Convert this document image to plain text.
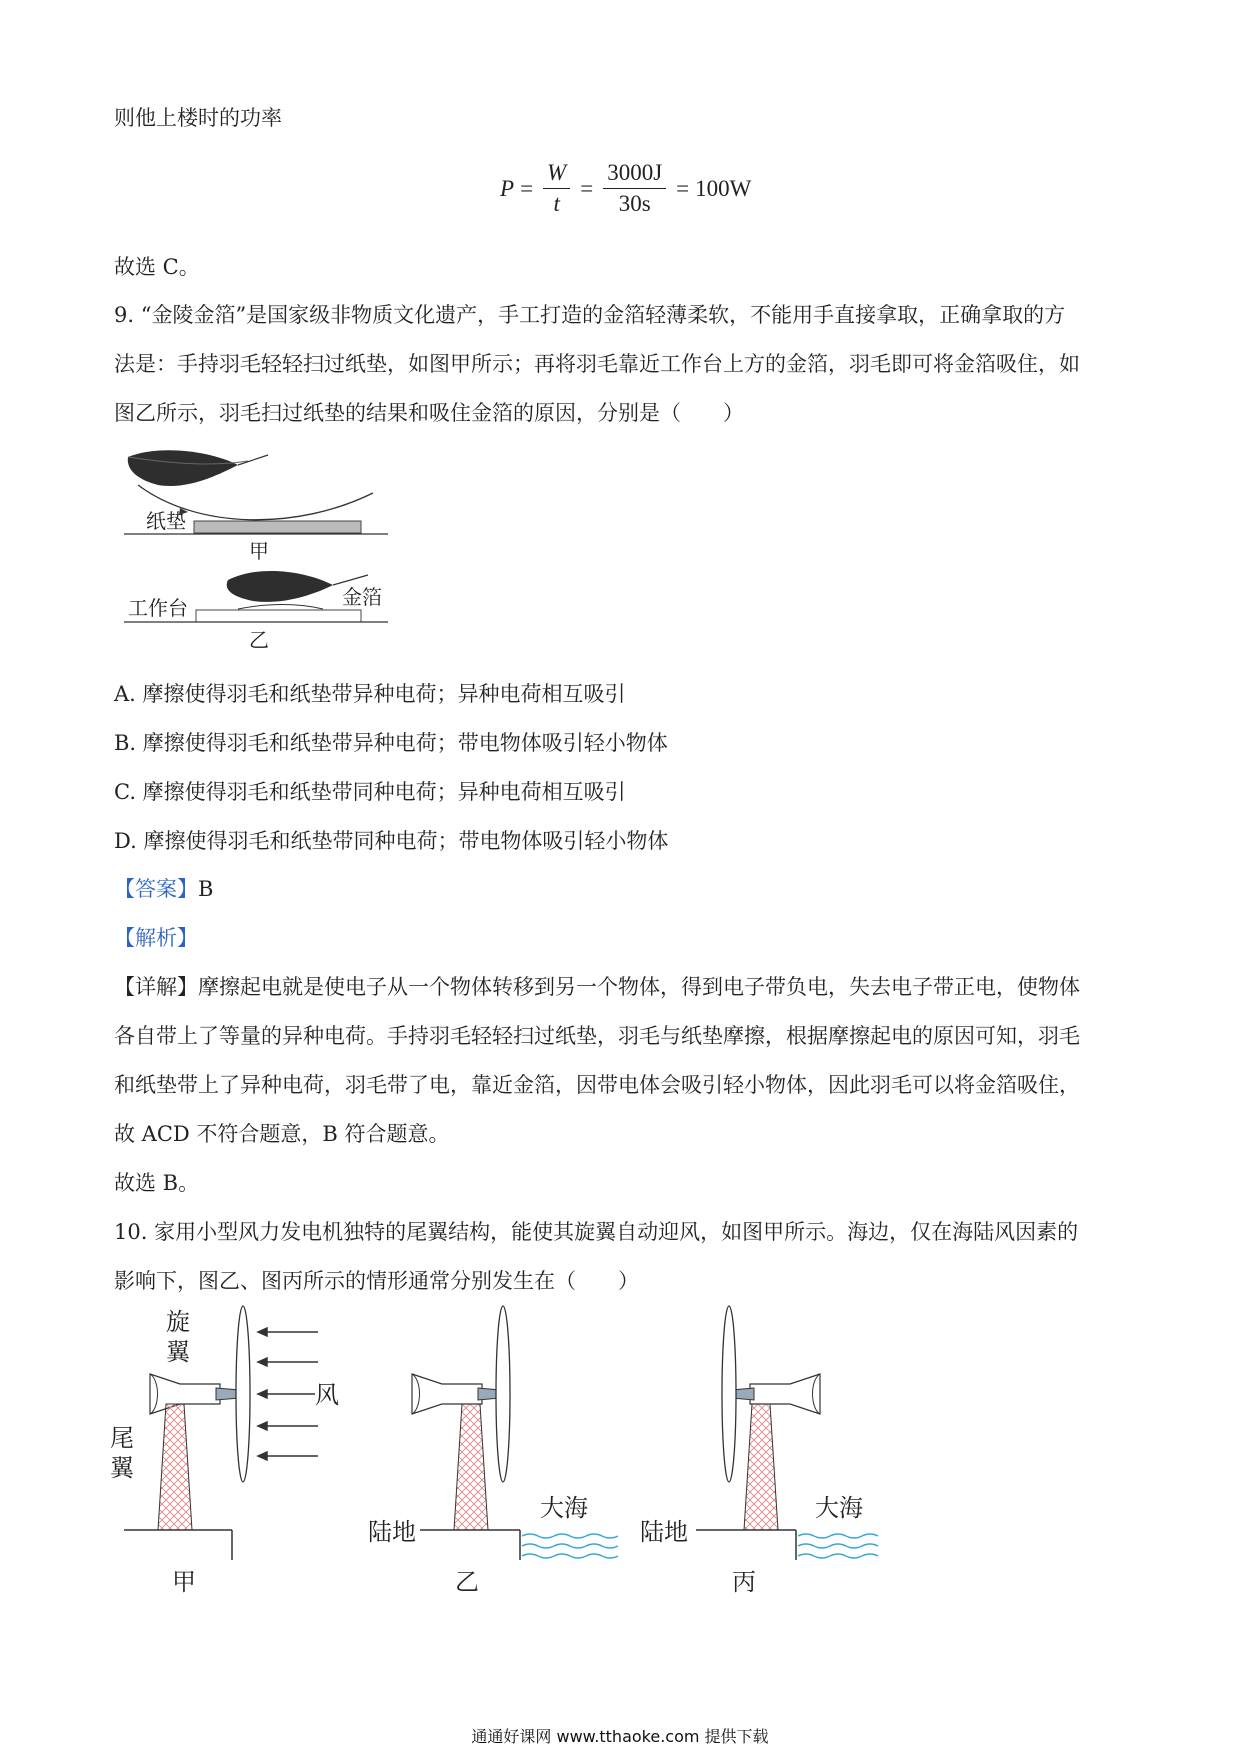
则他上楼时的功率
$P = \frac{W}{t} = \frac{3000J}{30s} = 100W$
故选 C。
9. “金陵金箔”是国家级非物质文化遗产，手工打造的金箔轻薄柔软，不能用手直接拿取，正确拿取的方
法是：手持羽毛轻轻扫过纸垫，如图甲所示；再将羽毛靠近工作台上方的金箔，羽毛即可将金箔吸住，如
图乙所示，羽毛扫过纸垫的结果和吸住金箔的原因，分别是（　　）
纸垫
甲
工作台	金箔
乙
A. 摩擦使得羽毛和纸垫带异种电荷；异种电荷相互吸引
B. 摩擦使得羽毛和纸垫带异种电荷；带电物体吸引轻小物体
C. 摩擦使得羽毛和纸垫带同种电荷；异种电荷相互吸引
D. 摩擦使得羽毛和纸垫带同种电荷；带电物体吸引轻小物体
【答案】B
【解析】
【详解】摩擦起电就是使电子从一个物体转移到另一个物体，得到电子带负电，失去电子带正电，使物体
各自带上了等量的异种电荷。手持羽毛轻轻扫过纸垫，羽毛与纸垫摩擦，根据摩擦起电的原因可知，羽毛
和纸垫带上了异种电荷，羽毛带了电，靠近金箔，因带电体会吸引轻小物体，因此羽毛可以将金箔吸住，
故 ACD 不符合题意，B 符合题意。
故选 B。
10. 家用小型风力发电机独特的尾翼结构，能使其旋翼自动迎风，如图甲所示。海边，仅在海陆风因素的
影响下，图乙、图丙所示的情形通常分别发生在（　　）
旋
翼
尾
翼
风
甲
陆地
大海
乙
陆地
大海
丙
通通好课网 www.tthaoke.com 提供下载
